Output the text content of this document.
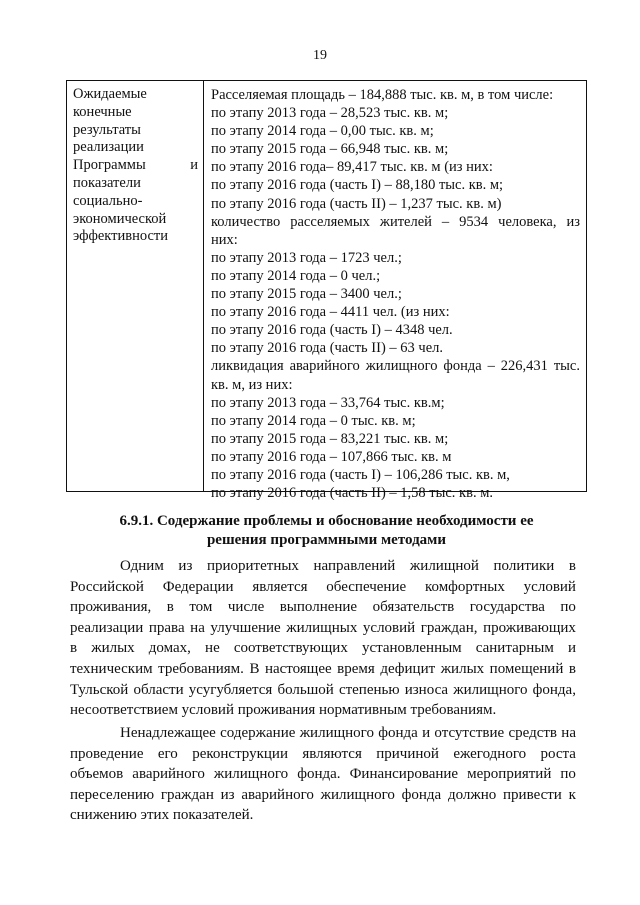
19
Ожидаемые
конечные
результаты
реализации
Программы	и
показатели
социально-
экономической
эффективности
Расселяемая площадь – 184,888 тыс. кв. м, в том числе:
по этапу 2013 года – 28,523 тыс. кв. м;
по этапу 2014 года – 0,00 тыс. кв. м;
по этапу 2015 года – 66,948 тыс. кв. м;
по этапу 2016 года– 89,417 тыс. кв. м (из них:
по этапу 2016 года (часть I) – 88,180 тыс. кв. м;
по этапу 2016 года (часть II) – 1,237 тыс. кв. м)
количество расселяемых жителей – 9534 человека, из
них:
по этапу 2013 года – 1723 чел.;
по этапу 2014 года – 0 чел.;
по этапу 2015 года – 3400 чел.;
по этапу 2016 года – 4411 чел. (из них:
по этапу 2016 года (часть I) – 4348 чел.
по этапу 2016 года (часть II) – 63 чел.
ликвидация аварийного жилищного фонда – 226,431 тыс.
кв. м, из них:
по этапу 2013 года – 33,764 тыс. кв.м;
по этапу 2014 года – 0 тыс. кв. м;
по этапу 2015 года – 83,221 тыс. кв. м;
по этапу 2016 года – 107,866 тыс. кв. м
по этапу 2016 года (часть I) – 106,286 тыс. кв. м,
по этапу 2016 года (часть II) – 1,58 тыс. кв. м.
6.9.1. Содержание проблемы и обоснование необходимости ее
решения программными методами
Одним из приоритетных направлений жилищной политики в
Российской Федерации является обеспечение комфортных условий
проживания, в том числе выполнение обязательств государства по
реализации права на улучшение жилищных условий граждан, проживающих
в жилых домах, не соответствующих установленным санитарным и
техническим требованиям. В настоящее время дефицит жилых помещений в
Тульской области усугубляется большой степенью износа жилищного фонда,
несоответствием условий проживания нормативным требованиям.
Ненадлежащее содержание жилищного фонда и отсутствие средств на
проведение его реконструкции являются причиной ежегодного роста
объемов аварийного жилищного фонда. Финансирование мероприятий по
переселению граждан из аварийного жилищного фонда должно привести к
снижению этих показателей.
